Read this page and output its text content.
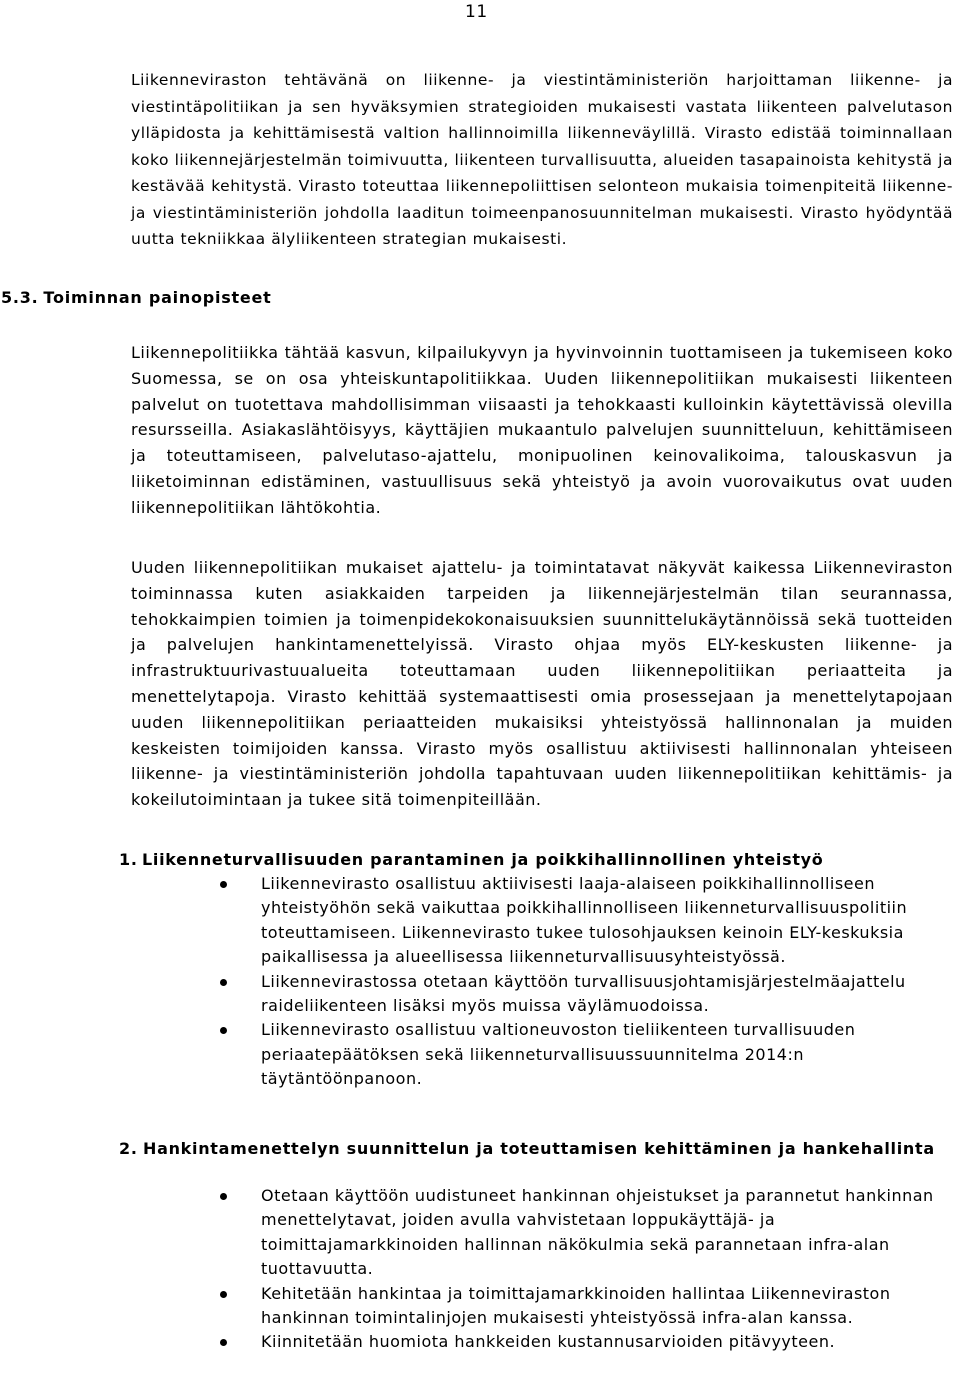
11

Liikenneviraston tehtävänä on liikenne- ja viestintäministeriön harjoittaman liikenne- ja viestintäpolitiikan ja sen hyväksymien strategioiden mukaisesti vastata liikenteen palvelutason ylläpidosta ja kehittämisestä valtion hallinnoimilla liikenneväylillä. Virasto edistää toiminnallaan koko liikennejärjestelmän toimivuutta, liikenteen turvallisuutta, alueiden tasapainoista kehitystä ja kestävää kehitystä. Virasto toteuttaa liikennepoliittisen selonteon mukaisia toimenpiteitä liikenne- ja viestintäministeriön johdolla laaditun toimeenpanosuunnitelman mukaisesti. Virasto hyödyntää uutta tekniikkaa älyliikenteen strategian mukaisesti.

5.3. Toiminnan painopisteet

Liikennepolitiikka tähtää kasvun, kilpailukyvyn ja hyvinvoinnin tuottamiseen ja tukemiseen koko Suomessa, se on osa yhteiskuntapolitiikkaa. Uuden liikennepolitiikan mukaisesti liikenteen palvelut on tuotettava mahdollisimman viisaasti ja tehokkaasti kulloinkin käytettävissä olevilla resursseilla. Asiakaslähtöisyys, käyttäjien mukaantulo palvelujen suunnitteluun, kehittämiseen ja toteuttamiseen, palvelutaso-ajattelu, monipuolinen keinovalikoima, talouskasvun ja liiketoiminnan edistäminen, vastuullisuus sekä yhteistyö ja avoin vuorovaikutus ovat uuden liikennepolitiikan lähtökohtia.

Uuden liikennepolitiikan mukaiset ajattelu- ja toimintatavat näkyvät kaikessa Liikenneviraston toiminnassa kuten asiakkaiden tarpeiden ja liikennejärjestelmän tilan seurannassa, tehokkaimpien toimien ja toimenpidekokonaisuuksien suunnittelukäytännöissä sekä tuotteiden ja palvelujen hankintamenettelyissä. Virasto ohjaa myös ELY-keskusten liikenne- ja infrastruktuurivastuualueita toteuttamaan uuden liikennepolitiikan periaatteita ja menettelytapoja. Virasto kehittää systemaattisesti omia prosessejaan ja menettelytapojaan uuden liikennepolitiikan periaatteiden mukaisiksi yhteistyössä hallinnonalan ja muiden keskeisten toimijoiden kanssa. Virasto myös osallistuu aktiivisesti hallinnonalan yhteiseen liikenne- ja viestintäministeriön johdolla tapahtuvaan uuden liikennepolitiikan kehittämis- ja kokeilutoimintaan ja tukee sitä toimenpiteillään.

1. Liikenneturvallisuuden parantaminen ja poikkihallinnollinen yhteistyö
Liikennevirasto osallistuu aktiivisesti laaja-alaiseen poikkihallinnolliseen yhteistyöhön sekä vaikuttaa poikkihallinnolliseen liikenneturvallisuuspolitiin toteuttamiseen. Liikennevirasto tukee tulosohjauksen keinoin ELY-keskuksia paikallisessa ja alueellisessa liikenneturvallisuusyhteistyössä.
Liikennevirastossa otetaan käyttöön turvallisuusjohtamisjärjestelmäajattelu raideliikenteen lisäksi myös muissa väylämuodoissa.
Liikennevirasto osallistuu valtioneuvoston tieliikenteen turvallisuuden periaatepäätöksen sekä liikenneturvallisuussuunnitelma 2014:n täytäntöönpanoon.
2. Hankintamenettelyn suunnittelun ja toteuttamisen kehittäminen ja hankehallinta
Otetaan käyttöön uudistuneet hankinnan ohjeistukset ja parannetut hankinnan menettelytavat, joiden avulla vahvistetaan loppukäyttäjä- ja toimittajamarkkinoiden hallinnan näkökulmia sekä parannetaan infra-alan tuottavuutta.
Kehitetään hankintaa ja toimittajamarkkinoiden hallintaa Liikenneviraston hankinnan toimintalinjojen mukaisesti yhteistyössä infra-alan kanssa.
Kiinnitetään huomiota hankkeiden kustannusarvioiden pitävyyteen.
